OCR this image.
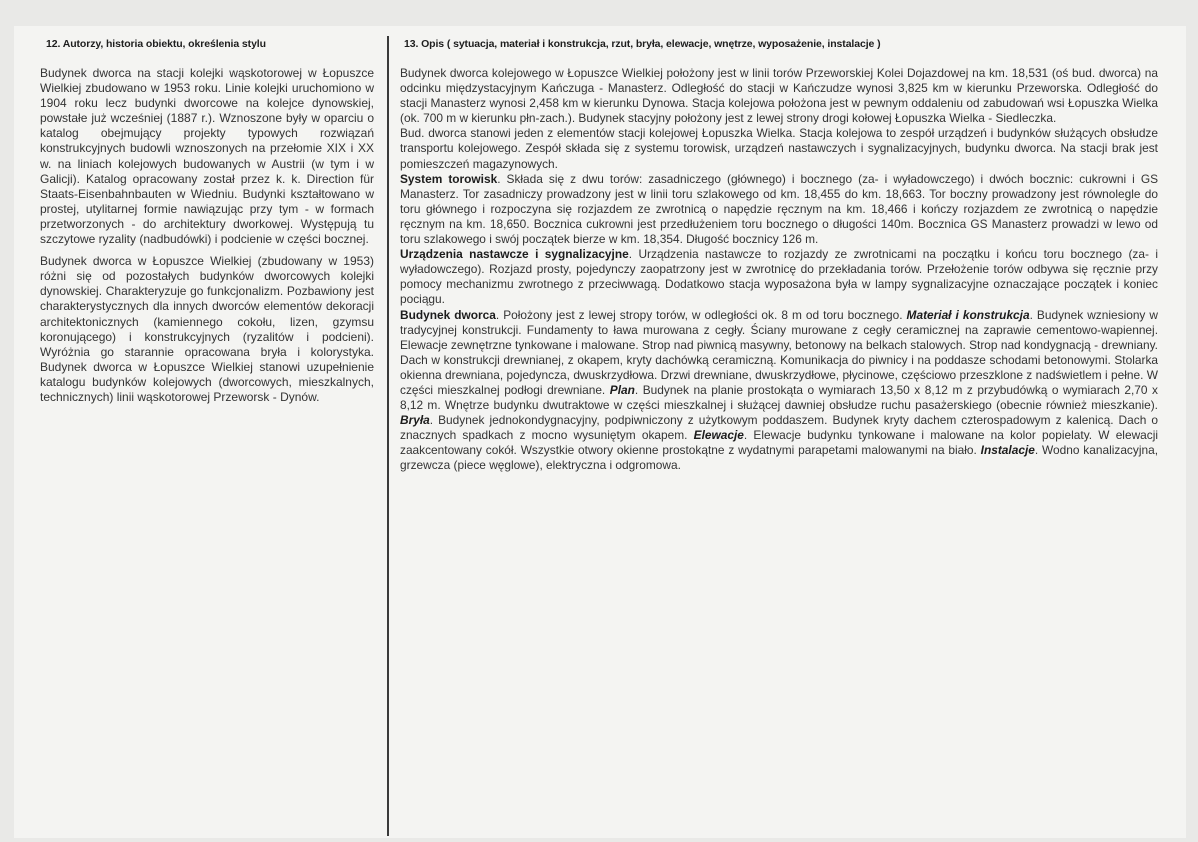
12. Autorzy, historia obiektu, określenia stylu

Budynek dworca na stacji kolejki wąskotorowej w Łopuszce Wielkiej zbudowano w 1953 roku. Linie kolejki uruchomiono w 1904 roku lecz budynki dworcowe na kolejce dynowskiej, powstałe już wcześniej (1887 r.). Wznoszone były w oparciu o katalog obejmujący projekty typowych rozwiązań konstrukcyjnych budowli wznoszonych na przełomie XIX i XX w. na liniach kolejowych budowanych w Austrii (w tym i w Galicji). Katalog opracowany został przez k. k. Direction für Staats-Eisenbahnbauten w Wiedniu. Budynki kształtowano w prostej, utylitarnej formie nawiązując przy tym - w formach przetworzonych - do architektury dworkowej. Występują tu szczytowe ryzality (nadbudówki) i podcienie w części bocznej.

Budynek dworca w Łopuszce Wielkiej (zbudowany w 1953) różni się od pozostałych budynków dworcowych kolejki dynowskiej. Charakteryzuje go funkcjonalizm. Pozbawiony jest charakterystycznych dla innych dworców elementów dekoracji architektonicznych (kamiennego cokołu, lizen, gzymsu koronującego) i konstrukcyjnych (ryzalitów i podcieni). Wyróżnia go starannie opracowana bryła i kolorystyka. Budynek dworca w Łopuszce Wielkiej stanowi uzupełnienie katalogu budynków kolejowych (dworcowych, mieszkalnych, technicznych) linii wąskotorowej Przeworsk - Dynów.

13. Opis ( sytuacja, materiał i konstrukcja, rzut, bryła, elewacje, wnętrze, wyposażenie, instalacje )

Budynek dworca kolejowego w Łopuszce Wielkiej położony jest w linii torów Przeworskiej Kolei Dojazdowej na km. 18,531 (oś bud. dworca) na odcinku międzystacyjnym Kańczuga - Manasterz. Odległość do stacji w Kańczudze wynosi 3,825 km w kierunku Przeworska. Odległość do stacji Manasterz wynosi 2,458 km w kierunku Dynowa. Stacja kolejowa położona jest w pewnym oddaleniu od zabudowań wsi Łopuszka Wielka (ok. 700 m w kierunku płn-zach.). Budynek stacyjny położony jest z lewej strony drogi kołowej Łopuszka Wielka - Siedleczka.

Bud. dworca stanowi jeden z elementów stacji kolejowej Łopuszka Wielka. Stacja kolejowa to zespół urządzeń i budynków służących obsłudze transportu kolejowego. Zespół składa się z systemu torowisk, urządzeń nastawczych i sygnalizacyjnych, budynku dworca. Na stacji brak jest pomieszczeń magazynowych.

System torowisk. Składa się z dwu torów: zasadniczego (głównego) i bocznego (za- i wyładowczego) i dwóch bocznic: cukrowni i GS Manasterz. Tor zasadniczy prowadzony jest w linii toru szlakowego od km. 18,455 do km. 18,663. Tor boczny prowadzony jest równolegle do toru głównego i rozpoczyna się rozjazdem ze zwrotnicą o napędzie ręcznym na km. 18,466 i kończy rozjazdem ze zwrotnicą o napędzie ręcznym na km. 18,650. Bocznica cukrowni jest przedłużeniem toru bocznego o długości 140m. Bocznica GS Manasterz prowadzi w lewo od toru szlakowego i swój początek bierze w km. 18,354. Długość bocznicy 126 m.

Urządzenia nastawcze i sygnalizacyjne. Urządzenia nastawcze to rozjazdy ze zwrotnicami na początku i końcu toru bocznego (za- i wyładowczego). Rozjazd prosty, pojedynczy zaopatrzony jest w zwrotnicę do przekładania torów. Przełożenie torów odbywa się ręcznie przy pomocy mechanizmu zwrotnego z przeciwwagą. Dodatkowo stacja wyposażona była w lampy sygnalizacyjne oznaczające początek i koniec pociągu.

Budynek dworca. Położony jest z lewej stropy torów, w odległości ok. 8 m od toru bocznego. Materiał i konstrukcja. Budynek wzniesiony w tradycyjnej konstrukcji. Fundamenty to ława murowana z cegły. Ściany murowane z cegły ceramicznej na zaprawie cementowo-wapiennej. Elewacje zewnętrzne tynkowane i malowane. Strop nad piwnicą masywny, betonowy na belkach stalowych. Strop nad kondygnacją - drewniany. Dach w konstrukcji drewnianej, z okapem, kryty dachówką ceramiczną. Komunikacja do piwnicy i na poddasze schodami betonowymi. Stolarka okienna drewniana, pojedyncza, dwuskrzydłowa. Drzwi drewniane, dwuskrzydłowe, płycinowe, częściowo przeszklone z nadświetlem i pełne. W części mieszkalnej podłogi drewniane. Plan. Budynek na planie prostokąta o wymiarach 13,50 x 8,12 m z przybudówką o wymiarach 2,70 x 8,12 m. Wnętrze budynku dwutraktowe w części mieszkalnej i służącej dawniej obsłudze ruchu pasażerskiego (obecnie również mieszkanie). Bryła. Budynek jednokondygnacyjny, podpiwniczony z użytkowym poddaszem. Budynek kryty dachem czterospadowym z kalenicą. Dach o znacznych spadkach z mocno wysuniętym okapem. Elewacje. Elewacje budynku tynkowane i malowane na kolor popielaty. W elewacji zaakcentowany cokół. Wszystkie otwory okienne prostokątne z wydatnymi parapetami malowanymi na biało. Instalacje. Wodno kanalizacyjna, grzewcza (piece węglowe), elektryczna i odgromowa.
